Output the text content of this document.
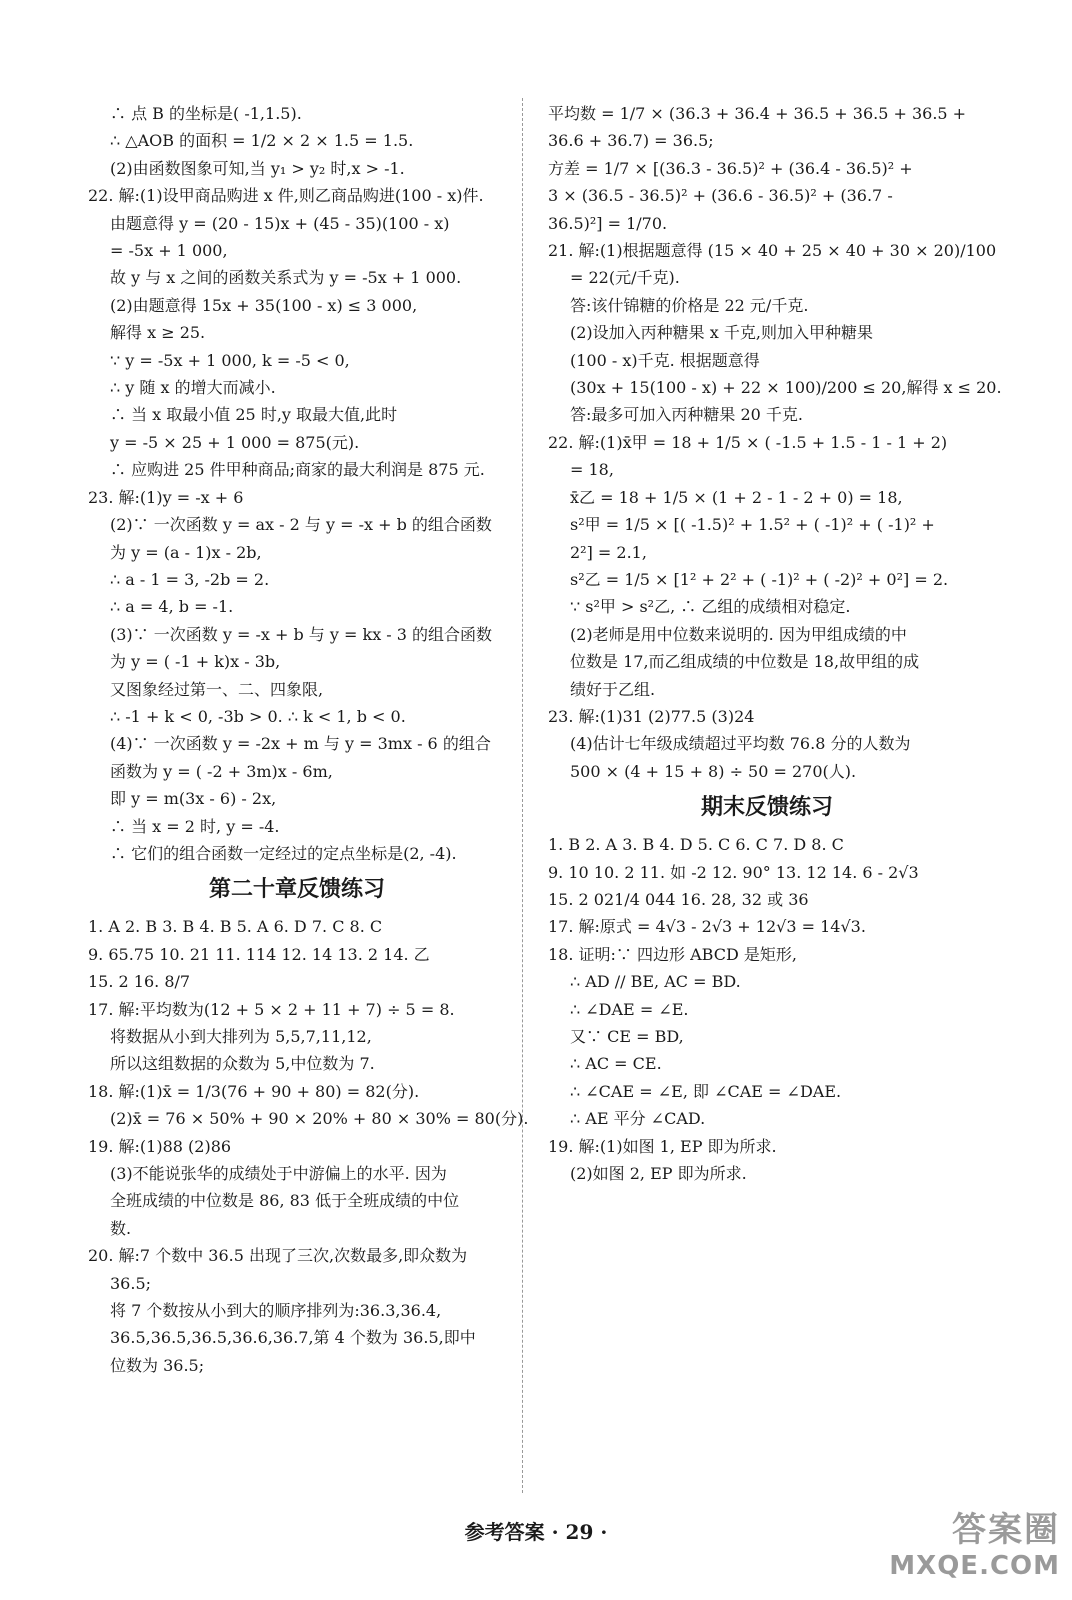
∴ 点 B 的坐标是( -1,1.5).
∴ △AOB 的面积 = 1/2 × 2 × 1.5 = 1.5.
(2)由函数图象可知,当 y₁ > y₂ 时,x > -1.
22. 解:(1)设甲商品购进 x 件,则乙商品购进(100 - x)件.
由题意得 y = (20 - 15)x + (45 - 35)(100 - x)
= -5x + 1 000,
故 y 与 x 之间的函数关系式为 y = -5x + 1 000.
(2)由题意得 15x + 35(100 - x) ≤ 3 000,
解得 x ≥ 25.
∵ y = -5x + 1 000, k = -5 < 0,
∴ y 随 x 的增大而减小.
∴ 当 x 取最小值 25 时,y 取最大值,此时
y = -5 × 25 + 1 000 = 875(元).
∴ 应购进 25 件甲种商品;商家的最大利润是 875 元.
23. 解:(1)y = -x + 6
(2)∵ 一次函数 y = ax - 2 与 y = -x + b 的组合函数
为 y = (a - 1)x - 2b,
∴ a - 1 = 3, -2b = 2.
∴ a = 4, b = -1.
(3)∵ 一次函数 y = -x + b 与 y = kx - 3 的组合函数
为 y = ( -1 + k)x - 3b,
又图象经过第一、二、四象限,
∴ -1 + k < 0, -3b > 0. ∴ k < 1, b < 0.
(4)∵ 一次函数 y = -2x + m 与 y = 3mx - 6 的组合
函数为 y = ( -2 + 3m)x - 6m,
即 y = m(3x - 6) - 2x,
∴ 当 x = 2 时, y = -4.
∴ 它们的组合函数一定经过的定点坐标是(2, -4).
第二十章反馈练习
1. A 2. B 3. B 4. B 5. A 6. D 7. C 8. C
9. 65.75 10. 21 11. 114 12. 14 13. 2 14. 乙
15. 2 16. 8/7
17. 解:平均数为(12 + 5 × 2 + 11 + 7) ÷ 5 = 8.
将数据从小到大排列为 5,5,7,11,12,
所以这组数据的众数为 5,中位数为 7.
18. 解:(1)x̄ = 1/3(76 + 90 + 80) = 82(分).
(2)x̄ = 76 × 50% + 90 × 20% + 80 × 30% = 80(分).
19. 解:(1)88 (2)86
(3)不能说张华的成绩处于中游偏上的水平. 因为
全班成绩的中位数是 86, 83 低于全班成绩的中位
数.
20. 解:7 个数中 36.5 出现了三次,次数最多,即众数为
36.5;
将 7 个数按从小到大的顺序排列为:36.3,36.4,
36.5,36.5,36.5,36.6,36.7,第 4 个数为 36.5,即中
位数为 36.5;
平均数 = 1/7 × (36.3 + 36.4 + 36.5 + 36.5 + 36.5 +
36.6 + 36.7) = 36.5;
方差 = 1/7 × [(36.3 - 36.5)² + (36.4 - 36.5)² +
3 × (36.5 - 36.5)² + (36.6 - 36.5)² + (36.7 -
36.5)²] = 1/70.
21. 解:(1)根据题意得 (15 × 40 + 25 × 40 + 30 × 20)/100
= 22(元/千克).
答:该什锦糖的价格是 22 元/千克.
(2)设加入丙种糖果 x 千克,则加入甲种糖果
(100 - x)千克. 根据题意得
(30x + 15(100 - x) + 22 × 100)/200 ≤ 20,解得 x ≤ 20.
答:最多可加入丙种糖果 20 千克.
22. 解:(1)x̄甲 = 18 + 1/5 × ( -1.5 + 1.5 - 1 - 1 + 2)
= 18,
x̄乙 = 18 + 1/5 × (1 + 2 - 1 - 2 + 0) = 18,
s²甲 = 1/5 × [( -1.5)² + 1.5² + ( -1)² + ( -1)² +
2²] = 2.1,
s²乙 = 1/5 × [1² + 2² + ( -1)² + ( -2)² + 0²] = 2.
∵ s²甲 > s²乙, ∴ 乙组的成绩相对稳定.
(2)老师是用中位数来说明的. 因为甲组成绩的中
位数是 17,而乙组成绩的中位数是 18,故甲组的成
绩好于乙组.
23. 解:(1)31 (2)77.5 (3)24
(4)估计七年级成绩超过平均数 76.8 分的人数为
500 × (4 + 15 + 8) ÷ 50 = 270(人).
期末反馈练习
1. B 2. A 3. B 4. D 5. C 6. C 7. D 8. C
9. 10 10. 2 11. 如 -2 12. 90° 13. 12 14. 6 - 2√3
15. 2 021/4 044 16. 28, 32 或 36
17. 解:原式 = 4√3 - 2√3 + 12√3 = 14√3.
18. 证明:∵ 四边形 ABCD 是矩形,
∴ AD // BE, AC = BD.
∴ ∠DAE = ∠E.
又∵ CE = BD,
∴ AC = CE.
∴ ∠CAE = ∠E, 即 ∠CAE = ∠DAE.
∴ AE 平分 ∠CAD.
19. 解:(1)如图 1, EP 即为所求.
(2)如图 2, EP 即为所求.
参考答案 · 29 ·	答案圈
MXQE.COM
